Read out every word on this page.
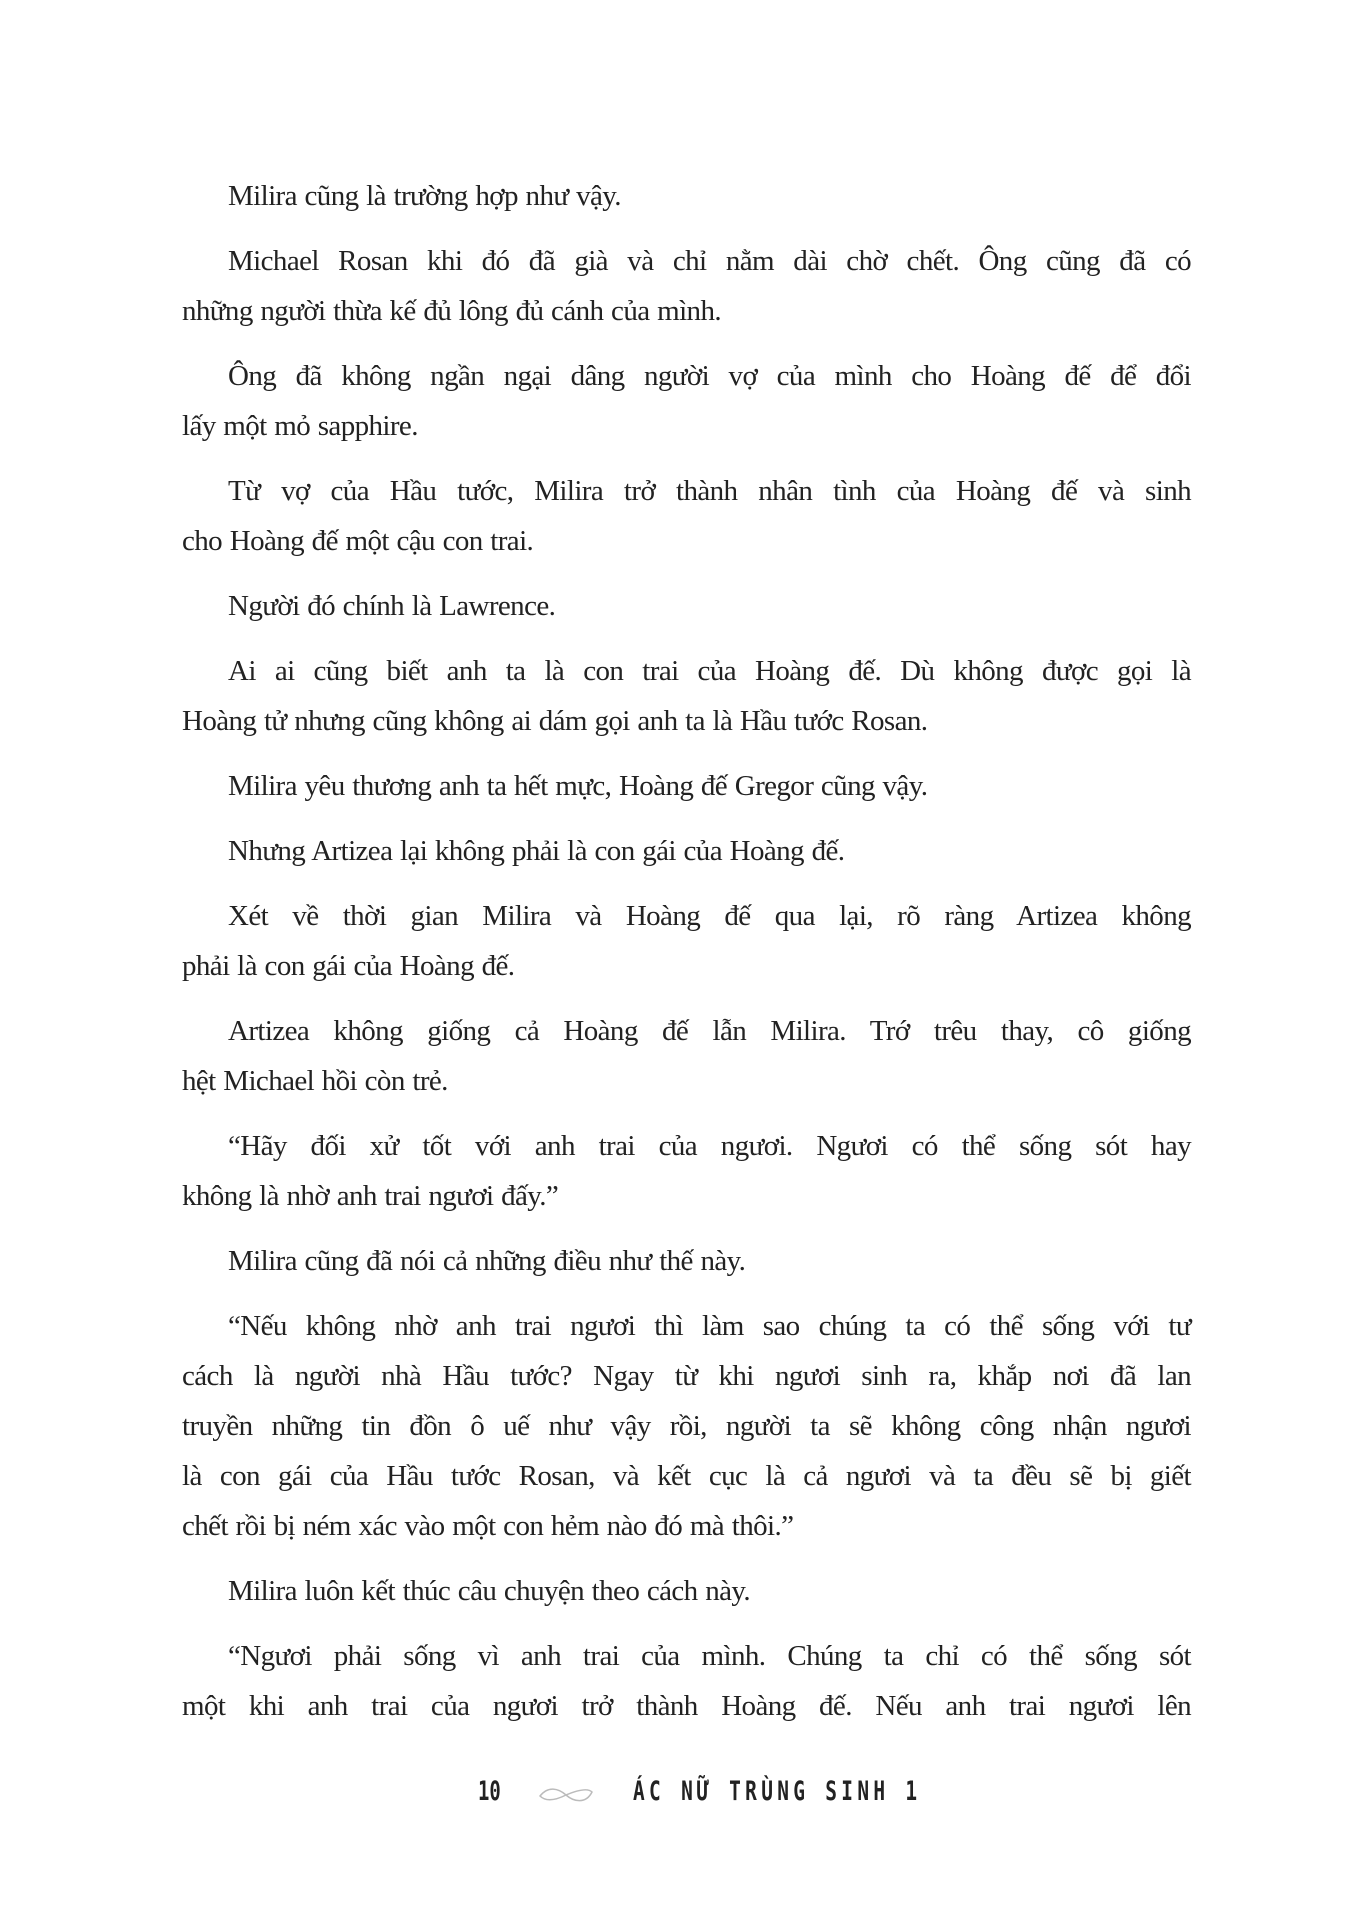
Milira cũng là trường hợp như vậy.
Michael Rosan khi đó đã già và chỉ nằm dài chờ chết. Ông cũng đã có
những người thừa kế đủ lông đủ cánh của mình.
Ông đã không ngần ngại dâng người vợ của mình cho Hoàng đế để đổi
lấy một mỏ sapphire.
Từ vợ của Hầu tước, Milira trở thành nhân tình của Hoàng đế và sinh
cho Hoàng đế một cậu con trai.
Người đó chính là Lawrence.
Ai ai cũng biết anh ta là con trai của Hoàng đế. Dù không được gọi là
Hoàng tử nhưng cũng không ai dám gọi anh ta là Hầu tước Rosan.
Milira yêu thương anh ta hết mực, Hoàng đế Gregor cũng vậy.
Nhưng Artizea lại không phải là con gái của Hoàng đế.
Xét về thời gian Milira và Hoàng đế qua lại, rõ ràng Artizea không
phải là con gái của Hoàng đế.
Artizea không giống cả Hoàng đế lẫn Milira. Trớ trêu thay, cô giống
hệt Michael hồi còn trẻ.
“Hãy đối xử tốt với anh trai của ngươi. Ngươi có thể sống sót hay
không là nhờ anh trai ngươi đấy.”
Milira cũng đã nói cả những điều như thế này.
“Nếu không nhờ anh trai ngươi thì làm sao chúng ta có thể sống với tư
cách là người nhà Hầu tước? Ngay từ khi ngươi sinh ra, khắp nơi đã lan
truyền những tin đồn ô uế như vậy rồi, người ta sẽ không công nhận ngươi
là con gái của Hầu tước Rosan, và kết cục là cả ngươi và ta đều sẽ bị giết
chết rồi bị ném xác vào một con hẻm nào đó mà thôi.”
Milira luôn kết thúc câu chuyện theo cách này.
“Ngươi phải sống vì anh trai của mình. Chúng ta chỉ có thể sống sót
một khi anh trai của ngươi trở thành Hoàng đế. Nếu anh trai ngươi lên
10	ÁC NỮ TRÙNG SINH 1
